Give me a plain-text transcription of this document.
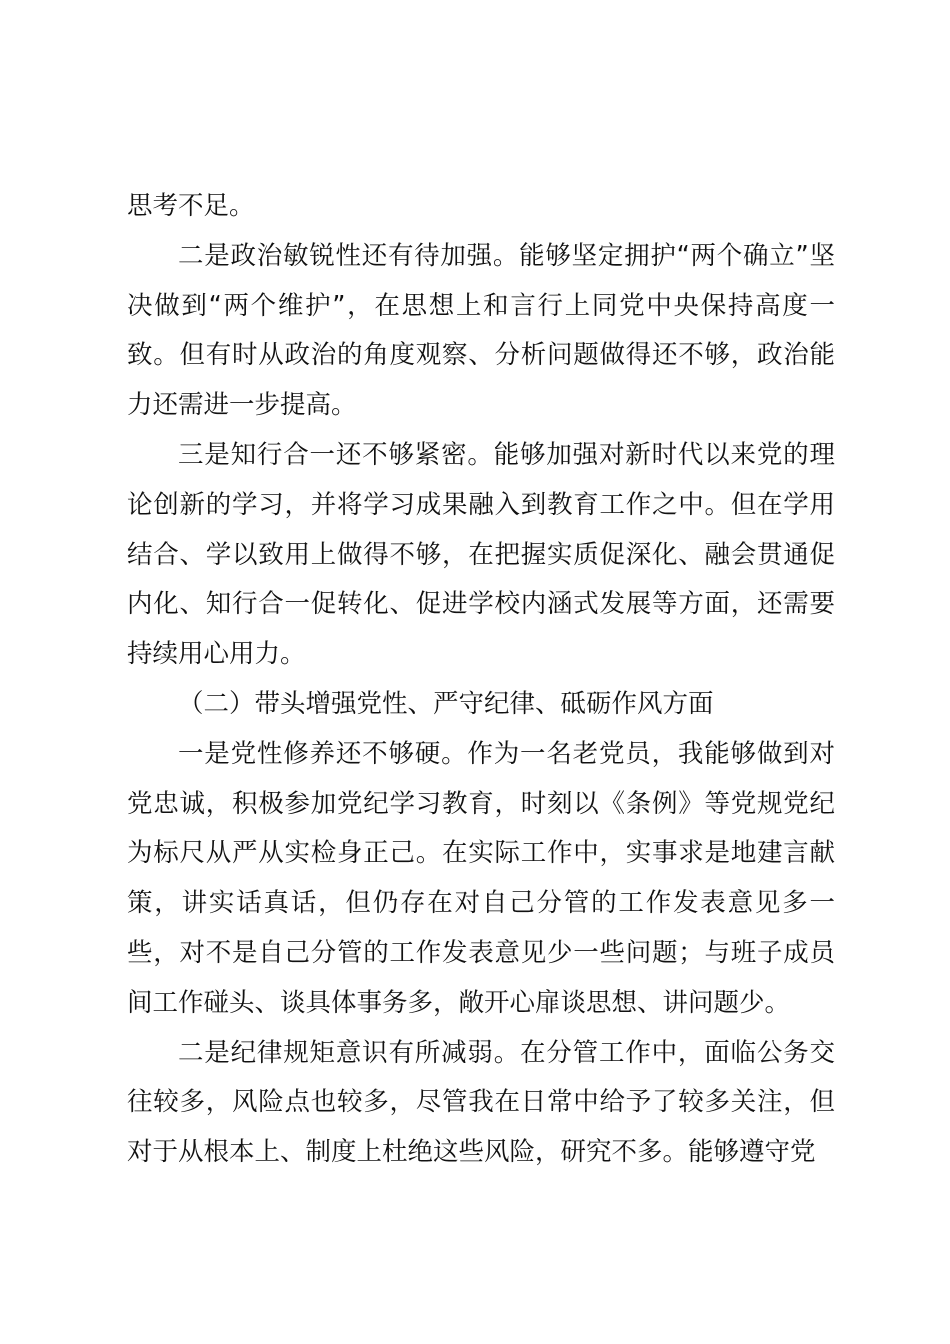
思考不足。

二是政治敏锐性还有待加强。能够坚定拥护“两个确立”坚决做到“两个维护”，在思想上和言行上同党中央保持高度一致。但有时从政治的角度观察、分析问题做得还不够，政治能力还需进一步提高。

三是知行合一还不够紧密。能够加强对新时代以来党的理论创新的学习，并将学习成果融入到教育工作之中。但在学用结合、学以致用上做得不够，在把握实质促深化、融会贯通促内化、知行合一促转化、促进学校内涵式发展等方面，还需要持续用心用力。

（二）带头增强党性、严守纪律、砥砺作风方面

一是党性修养还不够硬。作为一名老党员，我能够做到对党忠诚，积极参加党纪学习教育，时刻以《条例》等党规党纪为标尺从严从实检身正己。在实际工作中，实事求是地建言献策，讲实话真话，但仍存在对自己分管的工作发表意见多一些，对不是自己分管的工作发表意见少一些问题；与班子成员间工作碰头、谈具体事务多，敞开心扉谈思想、讲问题少。

二是纪律规矩意识有所减弱。在分管工作中，面临公务交往较多，风险点也较多，尽管我在日常中给予了较多关注，但对于从根本上、制度上杜绝这些风险，研究不多。能够遵守党
